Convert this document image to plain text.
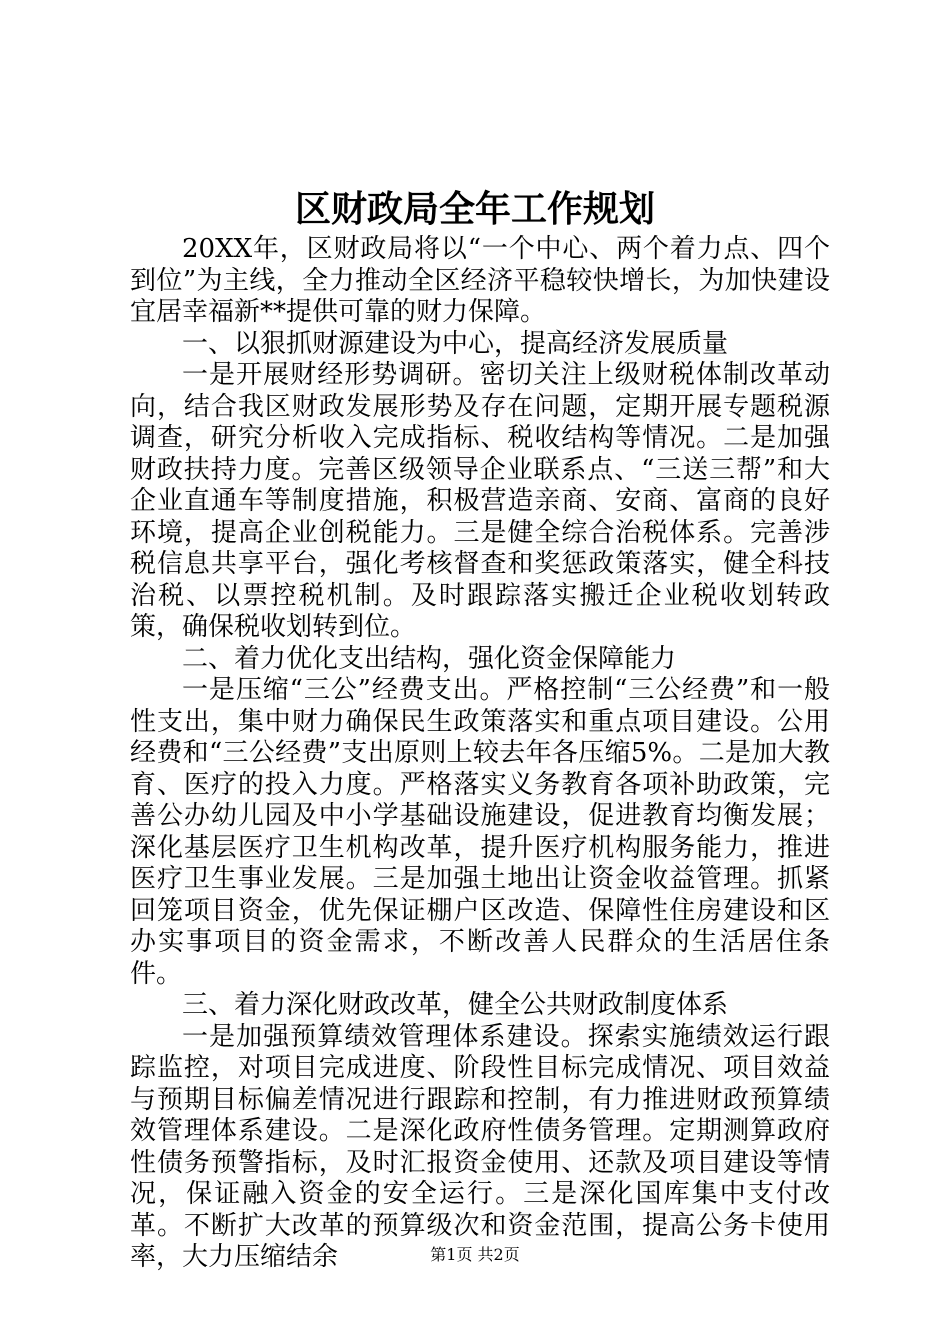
区财政局全年工作规划

20XX年，区财政局将以“一个中心、两个着力点、四个到位”为主线，全力推动全区经济平稳较快增长，为加快建设宜居幸福新**提供可靠的财力保障。

一、以狠抓财源建设为中心，提高经济发展质量

一是开展财经形势调研。密切关注上级财税体制改革动向，结合我区财政发展形势及存在问题，定期开展专题税源调查，研究分析收入完成指标、税收结构等情况。二是加强财政扶持力度。完善区级领导企业联系点、“三送三帮”和大企业直通车等制度措施，积极营造亲商、安商、富商的良好环境，提高企业创税能力。三是健全综合治税体系。完善涉税信息共享平台，强化考核督查和奖惩政策落实，健全科技治税、以票控税机制。及时跟踪落实搬迁企业税收划转政策，确保税收划转到位。

二、着力优化支出结构，强化资金保障能力

一是压缩“三公”经费支出。严格控制“三公经费”和一般性支出，集中财力确保民生政策落实和重点项目建设。公用经费和“三公经费”支出原则上较去年各压缩5%。二是加大教育、医疗的投入力度。严格落实义务教育各项补助政策，完善公办幼儿园及中小学基础设施建设，促进教育均衡发展；深化基层医疗卫生机构改革，提升医疗机构服务能力，推进医疗卫生事业发展。三是加强土地出让资金收益管理。抓紧回笼项目资金，优先保证棚户区改造、保障性住房建设和区办实事项目的资金需求，不断改善人民群众的生活居住条件。

三、着力深化财政改革，健全公共财政制度体系

一是加强预算绩效管理体系建设。探索实施绩效运行跟踪监控，对项目完成进度、阶段性目标完成情况、项目效益与预期目标偏差情况进行跟踪和控制，有力推进财政预算绩效管理体系建设。二是深化政府性债务管理。定期测算政府性债务预警指标，及时汇报资金使用、还款及项目建设等情况，保证融入资金的安全运行。三是深化国库集中支付改革。不断扩大改革的预算级次和资金范围，提高公务卡使用率，大力压缩结余	第1页 共2页
